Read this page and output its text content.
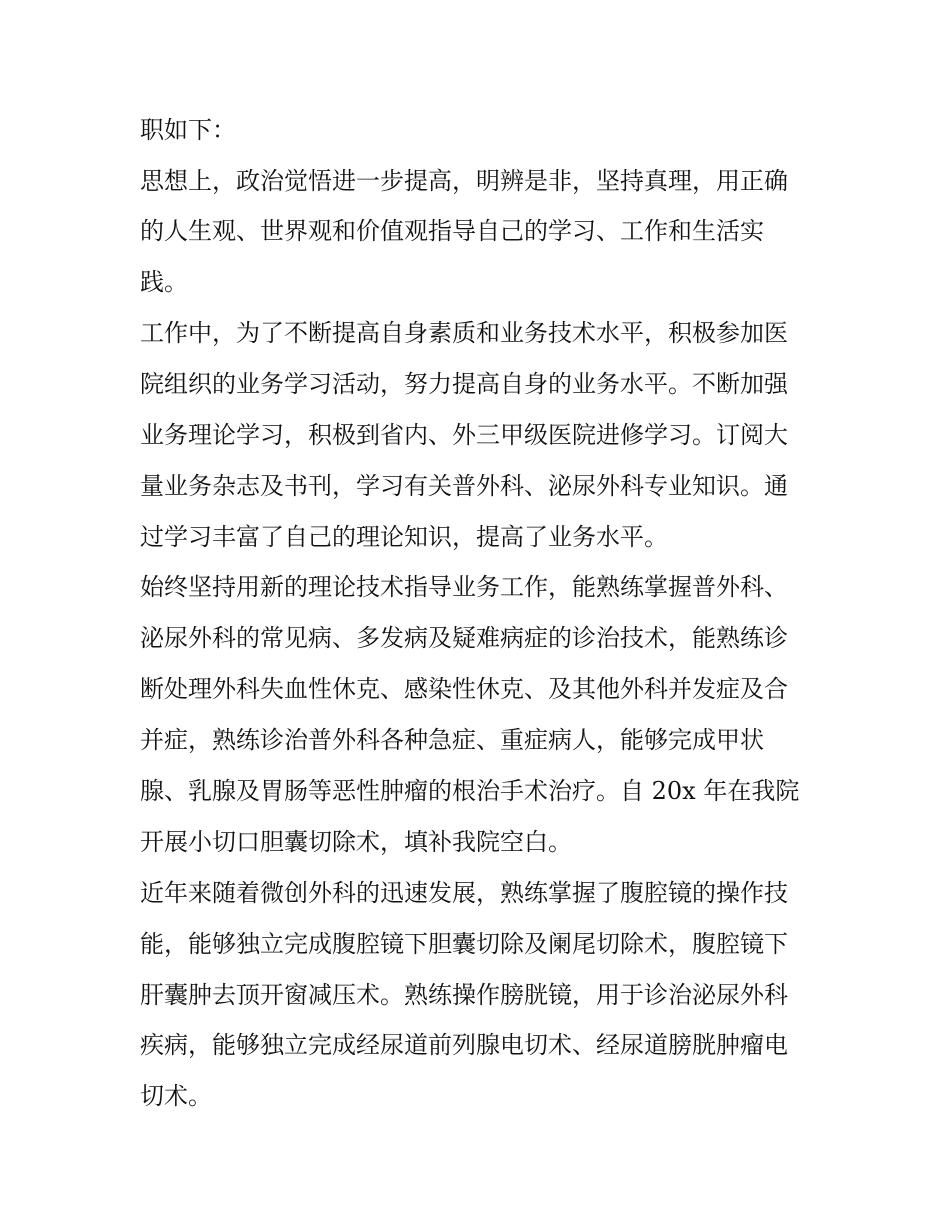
职如下：
思想上，政治觉悟进一步提高，明辨是非，坚持真理，用正确
的人生观、世界观和价值观指导自己的学习、工作和生活实
践。
工作中，为了不断提高自身素质和业务技术水平，积极参加医
院组织的业务学习活动，努力提高自身的业务水平。不断加强
业务理论学习，积极到省内、外三甲级医院进修学习。订阅大
量业务杂志及书刊，学习有关普外科、泌尿外科专业知识。通
过学习丰富了自己的理论知识，提高了业务水平。
始终坚持用新的理论技术指导业务工作，能熟练掌握普外科、
泌尿外科的常见病、多发病及疑难病症的诊治技术，能熟练诊
断处理外科失血性休克、感染性休克、及其他外科并发症及合
并症，熟练诊治普外科各种急症、重症病人，能够完成甲状
腺、乳腺及胃肠等恶性肿瘤的根治手术治疗。自 20x 年在我院
开展小切口胆囊切除术，填补我院空白。
近年来随着微创外科的迅速发展，熟练掌握了腹腔镜的操作技
能，能够独立完成腹腔镜下胆囊切除及阑尾切除术，腹腔镜下
肝囊肿去顶开窗减压术。熟练操作膀胱镜，用于诊治泌尿外科
疾病，能够独立完成经尿道前列腺电切术、经尿道膀胱肿瘤电
切术。
